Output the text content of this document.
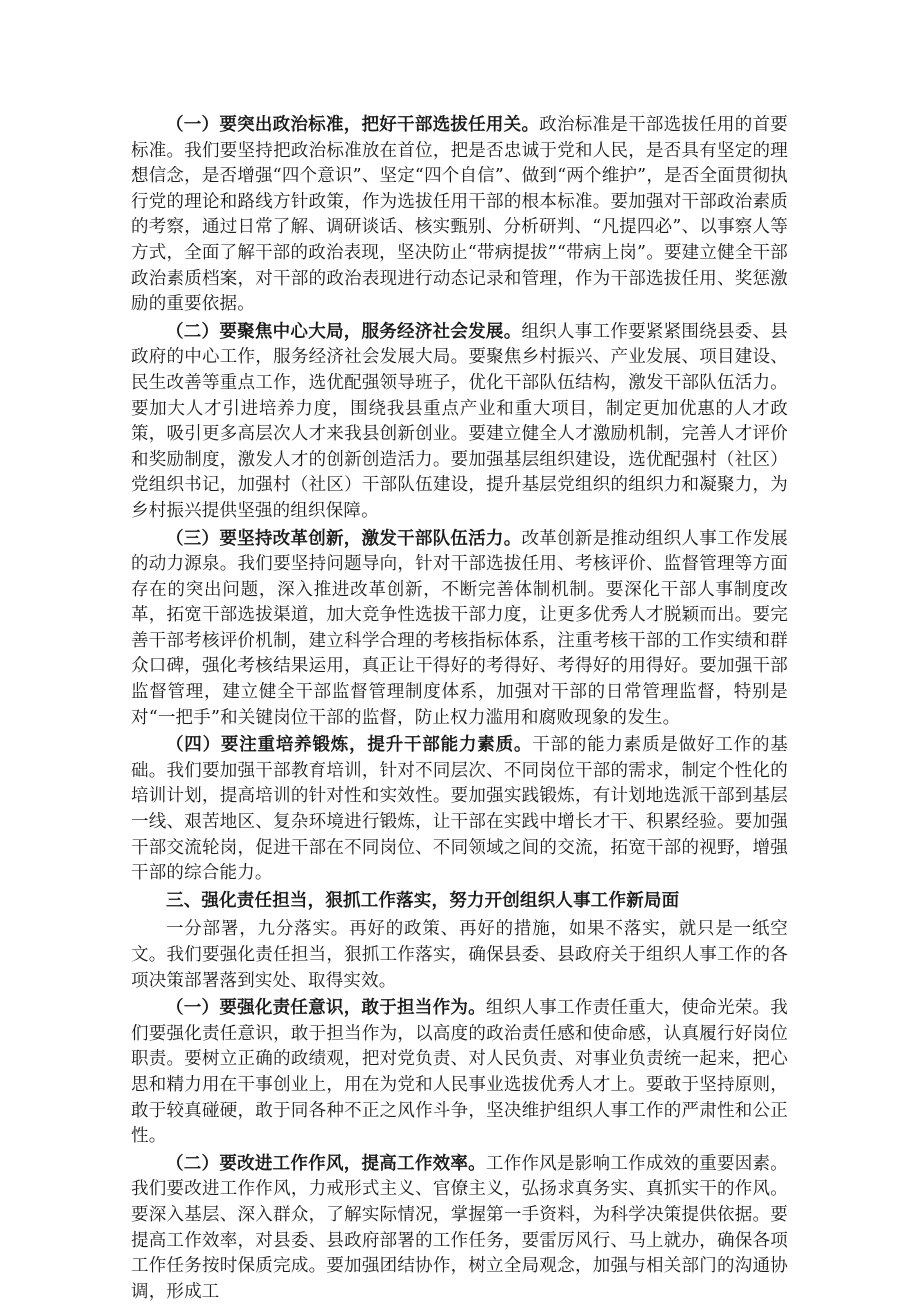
（一）要突出政治标准，把好干部选拔任用关。政治标准是干部选拔任用的首要标准。我们要坚持把政治标准放在首位，把是否忠诚于党和人民，是否具有坚定的理想信念，是否增强“四个意识”、坚定“四个自信”、做到“两个维护”，是否全面贯彻执行党的理论和路线方针政策，作为选拔任用干部的根本标准。要加强对干部政治素质的考察，通过日常了解、调研谈话、核实甄别、分析研判、“凡提四必”、以事察人等方式，全面了解干部的政治表现，坚决防止“带病提拔”“带病上岗”。要建立健全干部政治素质档案，对干部的政治表现进行动态记录和管理，作为干部选拔任用、奖惩激励的重要依据。

（二）要聚焦中心大局，服务经济社会发展。组织人事工作要紧紧围绕县委、县政府的中心工作，服务经济社会发展大局。要聚焦乡村振兴、产业发展、项目建设、民生改善等重点工作，选优配强领导班子，优化干部队伍结构，激发干部队伍活力。要加大人才引进培养力度，围绕我县重点产业和重大项目，制定更加优惠的人才政策，吸引更多高层次人才来我县创新创业。要建立健全人才激励机制，完善人才评价和奖励制度，激发人才的创新创造活力。要加强基层组织建设，选优配强村（社区）党组织书记，加强村（社区）干部队伍建设，提升基层党组织的组织力和凝聚力，为乡村振兴提供坚强的组织保障。

（三）要坚持改革创新，激发干部队伍活力。改革创新是推动组织人事工作发展的动力源泉。我们要坚持问题导向，针对干部选拔任用、考核评价、监督管理等方面存在的突出问题，深入推进改革创新，不断完善体制机制。要深化干部人事制度改革，拓宽干部选拔渠道，加大竞争性选拔干部力度，让更多优秀人才脱颖而出。要完善干部考核评价机制，建立科学合理的考核指标体系，注重考核干部的工作实绩和群众口碑，强化考核结果运用，真正让干得好的考得好、考得好的用得好。要加强干部监督管理，建立健全干部监督管理制度体系，加强对干部的日常管理监督，特别是对“一把手”和关键岗位干部的监督，防止权力滥用和腐败现象的发生。

（四）要注重培养锻炼，提升干部能力素质。干部的能力素质是做好工作的基础。我们要加强干部教育培训，针对不同层次、不同岗位干部的需求，制定个性化的培训计划，提高培训的针对性和实效性。要加强实践锻炼，有计划地选派干部到基层一线、艰苦地区、复杂环境进行锻炼，让干部在实践中增长才干、积累经验。要加强干部交流轮岗，促进干部在不同岗位、不同领域之间的交流，拓宽干部的视野，增强干部的综合能力。

三、强化责任担当，狠抓工作落实，努力开创组织人事工作新局面

一分部署，九分落实。再好的政策、再好的措施，如果不落实，就只是一纸空文。我们要强化责任担当，狠抓工作落实，确保县委、县政府关于组织人事工作的各项决策部署落到实处、取得实效。

（一）要强化责任意识，敢于担当作为。组织人事工作责任重大，使命光荣。我们要强化责任意识，敢于担当作为，以高度的政治责任感和使命感，认真履行好岗位职责。要树立正确的政绩观，把对党负责、对人民负责、对事业负责统一起来，把心思和精力用在干事创业上，用在为党和人民事业选拔优秀人才上。要敢于坚持原则，敢于较真碰硬，敢于同各种不正之风作斗争，坚决维护组织人事工作的严肃性和公正性。

（二）要改进工作作风，提高工作效率。工作作风是影响工作成效的重要因素。我们要改进工作作风，力戒形式主义、官僚主义，弘扬求真务实、真抓实干的作风。要深入基层、深入群众，了解实际情况，掌握第一手资料，为科学决策提供依据。要提高工作效率，对县委、县政府部署的工作任务，要雷厉风行、马上就办，确保各项工作任务按时保质完成。要加强团结协作，树立全局观念，加强与相关部门的沟通协调，形成工
